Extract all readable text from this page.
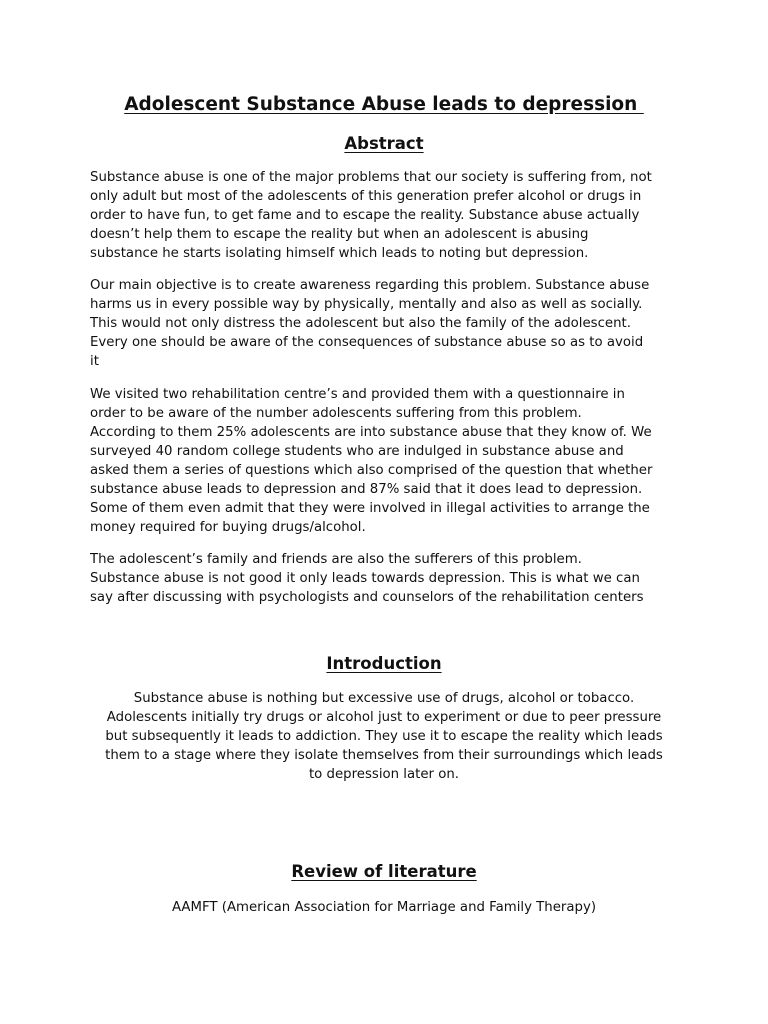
Adolescent Substance Abuse leads to depression
Abstract

Substance abuse is one of the major problems that our society is suffering from, not
only adult but most of the adolescents of this generation prefer alcohol or drugs in
order to have fun, to get fame and to escape the reality. Substance abuse actually
doesn’t help them to escape the reality but when an adolescent is abusing
substance he starts isolating himself which leads to noting but depression.

Our main objective is to create awareness regarding this problem. Substance abuse
harms us in every possible way by physically, mentally and also as well as socially.
This would not only distress the adolescent but also the family of the adolescent.
Every one should be aware of the consequences of substance abuse so as to avoid
it

We visited two rehabilitation centre’s and provided them with a questionnaire in
order to be aware of the number adolescents suffering from this problem.
According to them 25% adolescents are into substance abuse that they know of. We
surveyed 40 random college students who are indulged in substance abuse and
asked them a series of questions which also comprised of the question that whether
substance abuse leads to depression and 87% said that it does lead to depression.
Some of them even admit that they were involved in illegal activities to arrange the
money required for buying drugs/alcohol.

The adolescent’s family and friends are also the sufferers of this problem.
Substance abuse is not good it only leads towards depression. This is what we can
say after discussing with psychologists and counselors of the rehabilitation centers

Introduction

Substance abuse is nothing but excessive use of drugs, alcohol or tobacco.
Adolescents initially try drugs or alcohol just to experiment or due to peer pressure
but subsequently it leads to addiction. They use it to escape the reality which leads
them to a stage where they isolate themselves from their surroundings which leads
to depression later on.

Review of literature
AAMFT (American Association for Marriage and Family Therapy)
